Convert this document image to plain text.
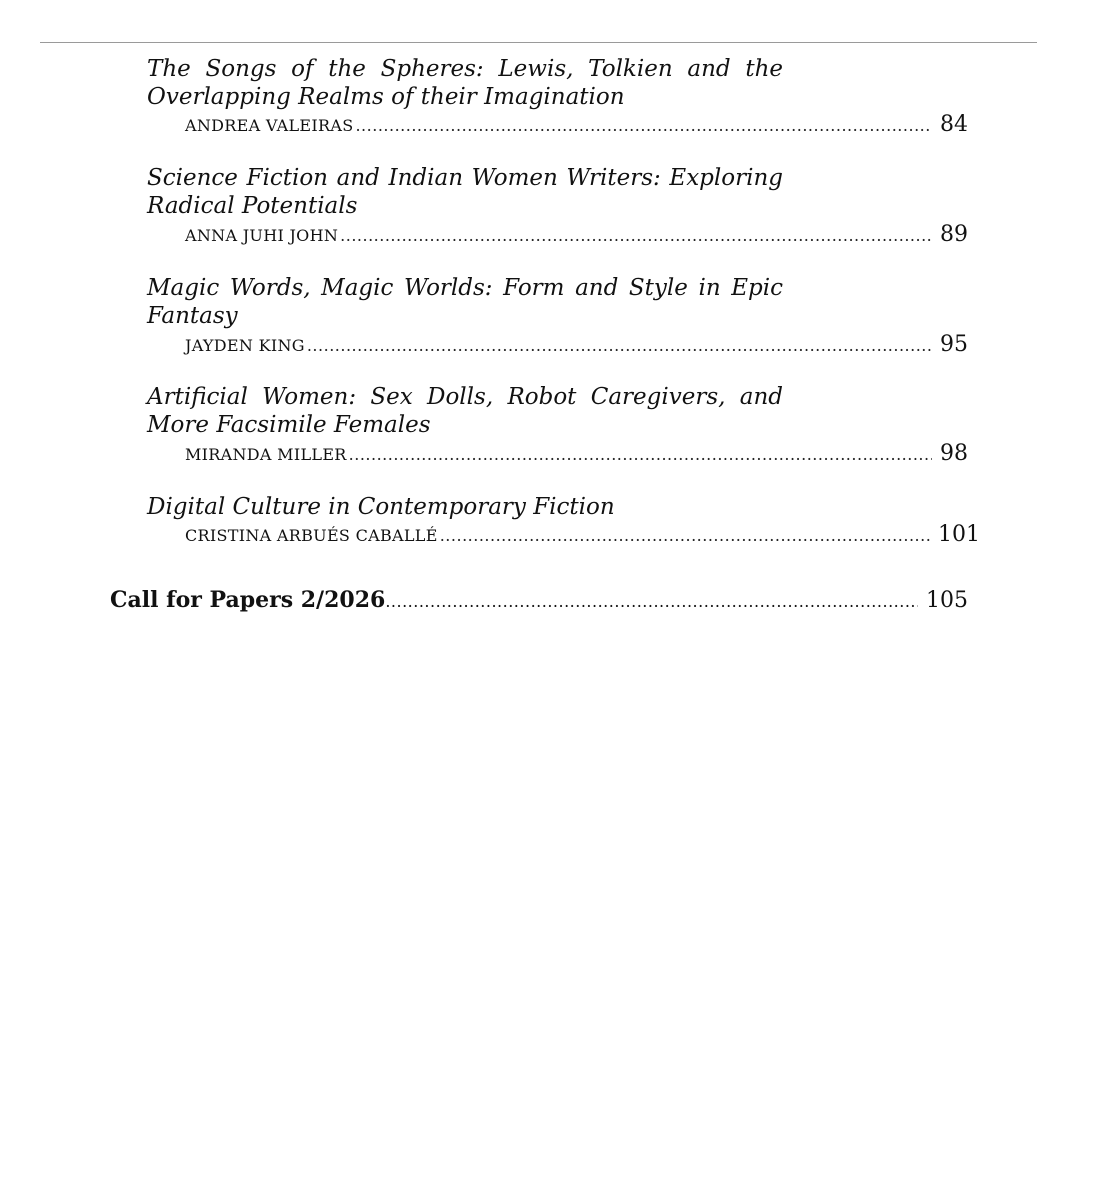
The Songs of the Spheres: Lewis, Tolkien and the Overlapping Realms of their Imagination

ANDREA VALEIRAS .....	84

Science Fiction and Indian Women Writers: Exploring Radical Potentials

ANNA JUHI JOHN .....	89

Magic Words, Magic Worlds: Form and Style in Epic Fantasy

JAYDEN KING .....	95

Artificial Women: Sex Dolls, Robot Caregivers, and More Facsimile Females

MIRANDA MILLER .....	98

Digital Culture in Contemporary Fiction

CRISTINA ARBUÉS CABALLÉ .....	101
Call for Papers 2/2026 .....	105
